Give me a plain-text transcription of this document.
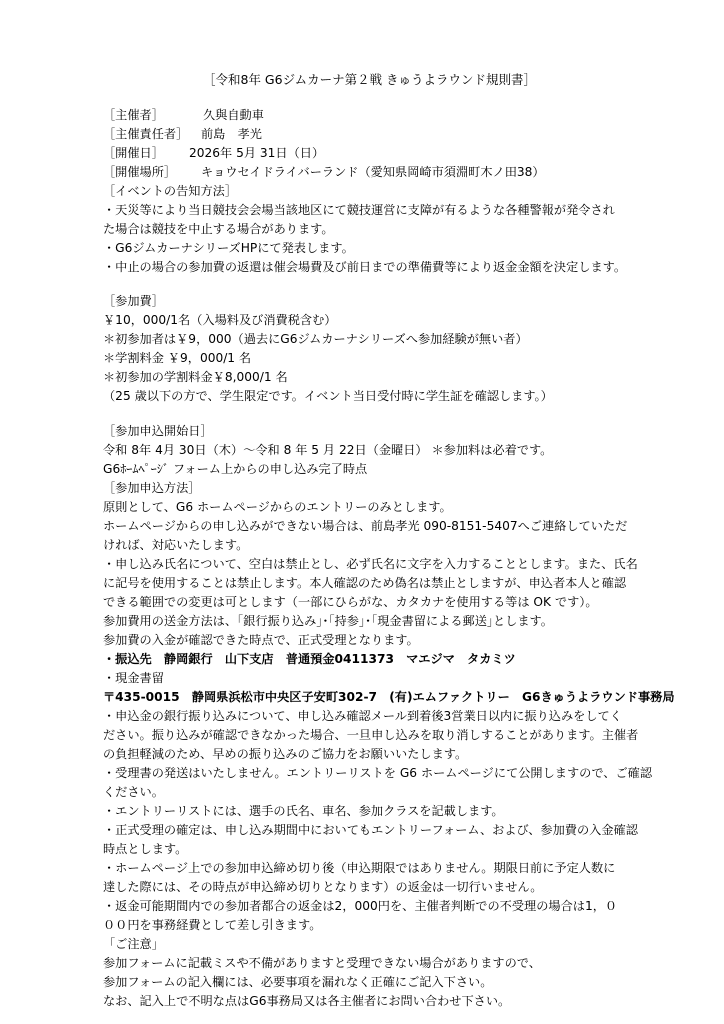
［令和8年 G6ジムカーナ第２戦 きゅうよラウンド規則書］
［主催者］	久與自動車
［主催責任者］ 前島　孝光
［開催日］ 2026年 5月 31日（日）
［開催場所］ キョウセイドライバーランド（愛知県岡崎市須淵町木ノ田38）
［イベントの告知方法］
・天災等により当日競技会会場当該地区にて競技運営に支障が有るような各種警報が発令され
た場合は競技を中止する場合があります。
・G6ジムカーナシリーズHPにて発表します。
・中止の場合の参加費の返還は催会場費及び前日までの準備費等により返金金額を決定します。
［参加費］
￥10，000/1名（入場料及び消費税含む）
＊初参加者は￥9，000（過去にG6ジムカーナシリーズへ参加経験が無い者）
＊学割料金 ￥9，000/1 名
＊初参加の学割料金￥8,000/1 名
（25 歳以下の方で、学生限定です。イベント当日受付時に学生証を確認します。）
［参加申込開始日］
令和 8年 4月 30日（木）～令和 8 年 5 月 22日（金曜日） ＊参加料は必着です。
G6ﾎｰﾑﾍﾟｰｼﾞ フォーム上からの申し込み完了時点
［参加申込方法］
原則として、G6 ホームページからのエントリーのみとします。
ホームページからの申し込みができない場合は、前島孝光 090-8151-5407へご連絡していただ
ければ、対応いたします。
・申し込み氏名について、空白は禁止とし、必ず氏名に文字を入力することとします。また、氏名
に記号を使用することは禁止します。本人確認のため偽名は禁止としますが、申込者本人と確認
できる範囲での変更は可とします（一部にひらがな、カタカナを使用する等は OK です）。
参加費用の送金方法は、｢銀行振り込み｣･｢持参｣･｢現金書留による郵送｣とします。
参加費の入金が確認できた時点で、正式受理となります。
・振込先　静岡銀行　山下支店　普通預金0411373　マエジマ　タカミツ
・現金書留
〒435-0015　静岡県浜松市中央区子安町302-7　(有)エムファクトリー　G6きゅうよラウンド事務局
・申込金の銀行振り込みについて、申し込み確認メール到着後3営業日以内に振り込みをしてく
ださい。振り込みが確認できなかった場合、一旦申し込みを取り消しすることがあります。主催者
の負担軽減のため、早めの振り込みのご協力をお願いいたします。
・受理書の発送はいたしません。エントリーリストを G6 ホームページにて公開しますので、ご確認
ください。
・エントリーリストには、選手の氏名、車名、参加クラスを記載します。
・正式受理の確定は、申し込み期間中においてもエントリーフォーム、および、参加費の入金確認
時点とします。
・ホームページ上での参加申込締め切り後（申込期限ではありません。期限日前に予定人数に
達した際には、その時点が申込締め切りとなります）の返金は一切行いません。
・返金可能期間内での参加者都合の返金は2，000円を、主催者判断での不受理の場合は1，０
００円を事務経費として差し引きます。
「ご注意」
参加フォームに記載ミスや不備がありますと受理できない場合がありますので、
参加フォームの記入欄には、必要事項を漏れなく正確にご記入下さい。
なお、記入上で不明な点はG6事務局又は各主催者にお問い合わせ下さい。
